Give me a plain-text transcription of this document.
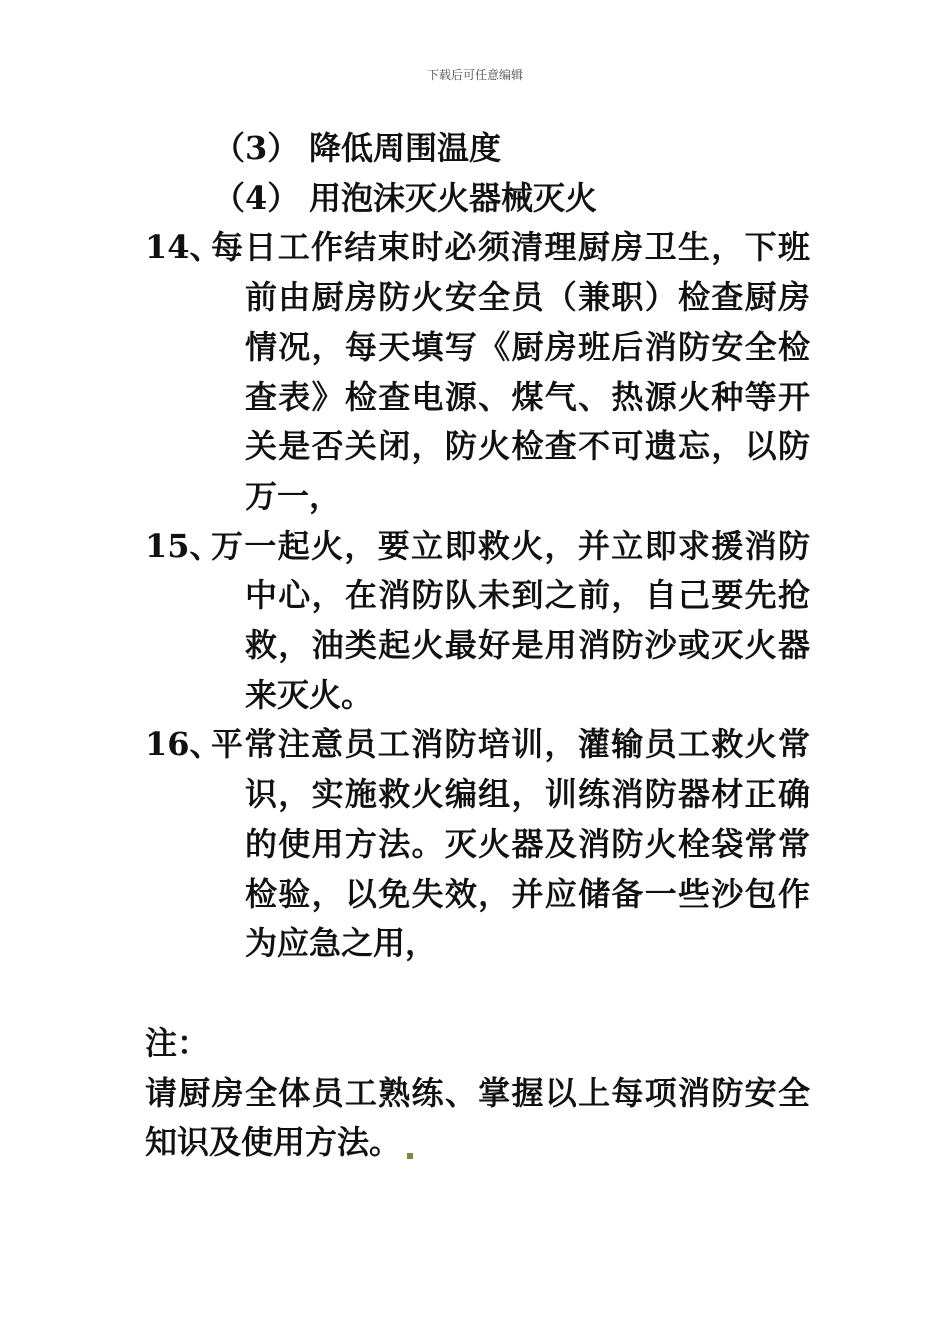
下载后可任意编辑
（3） 降低周围温度
（4） 用泡沫灭火器械灭火
14、
每日工作结束时必须清理厨房卫生，下班前由厨房防火安全员（兼职）检查厨房情况，每天填写《厨房班后消防安全检查表》检查电源、煤气、热源火种等开关是否关闭，防火检查不可遗忘，以防万一，
15、
万一起火，要立即救火，并立即求援消防中心，在消防队未到之前，自己要先抢救，油类起火最好是用消防沙或灭火器来灭火。
16、
平常注意员工消防培训，灌输员工救火常识，实施救火编组，训练消防器材正确的使用方法。灭火器及消防火栓袋常常检验，以免失效，并应储备一些沙包作为应急之用，
注：
请厨房全体员工熟练、掌握以上每项消防安全知识及使用方法。
